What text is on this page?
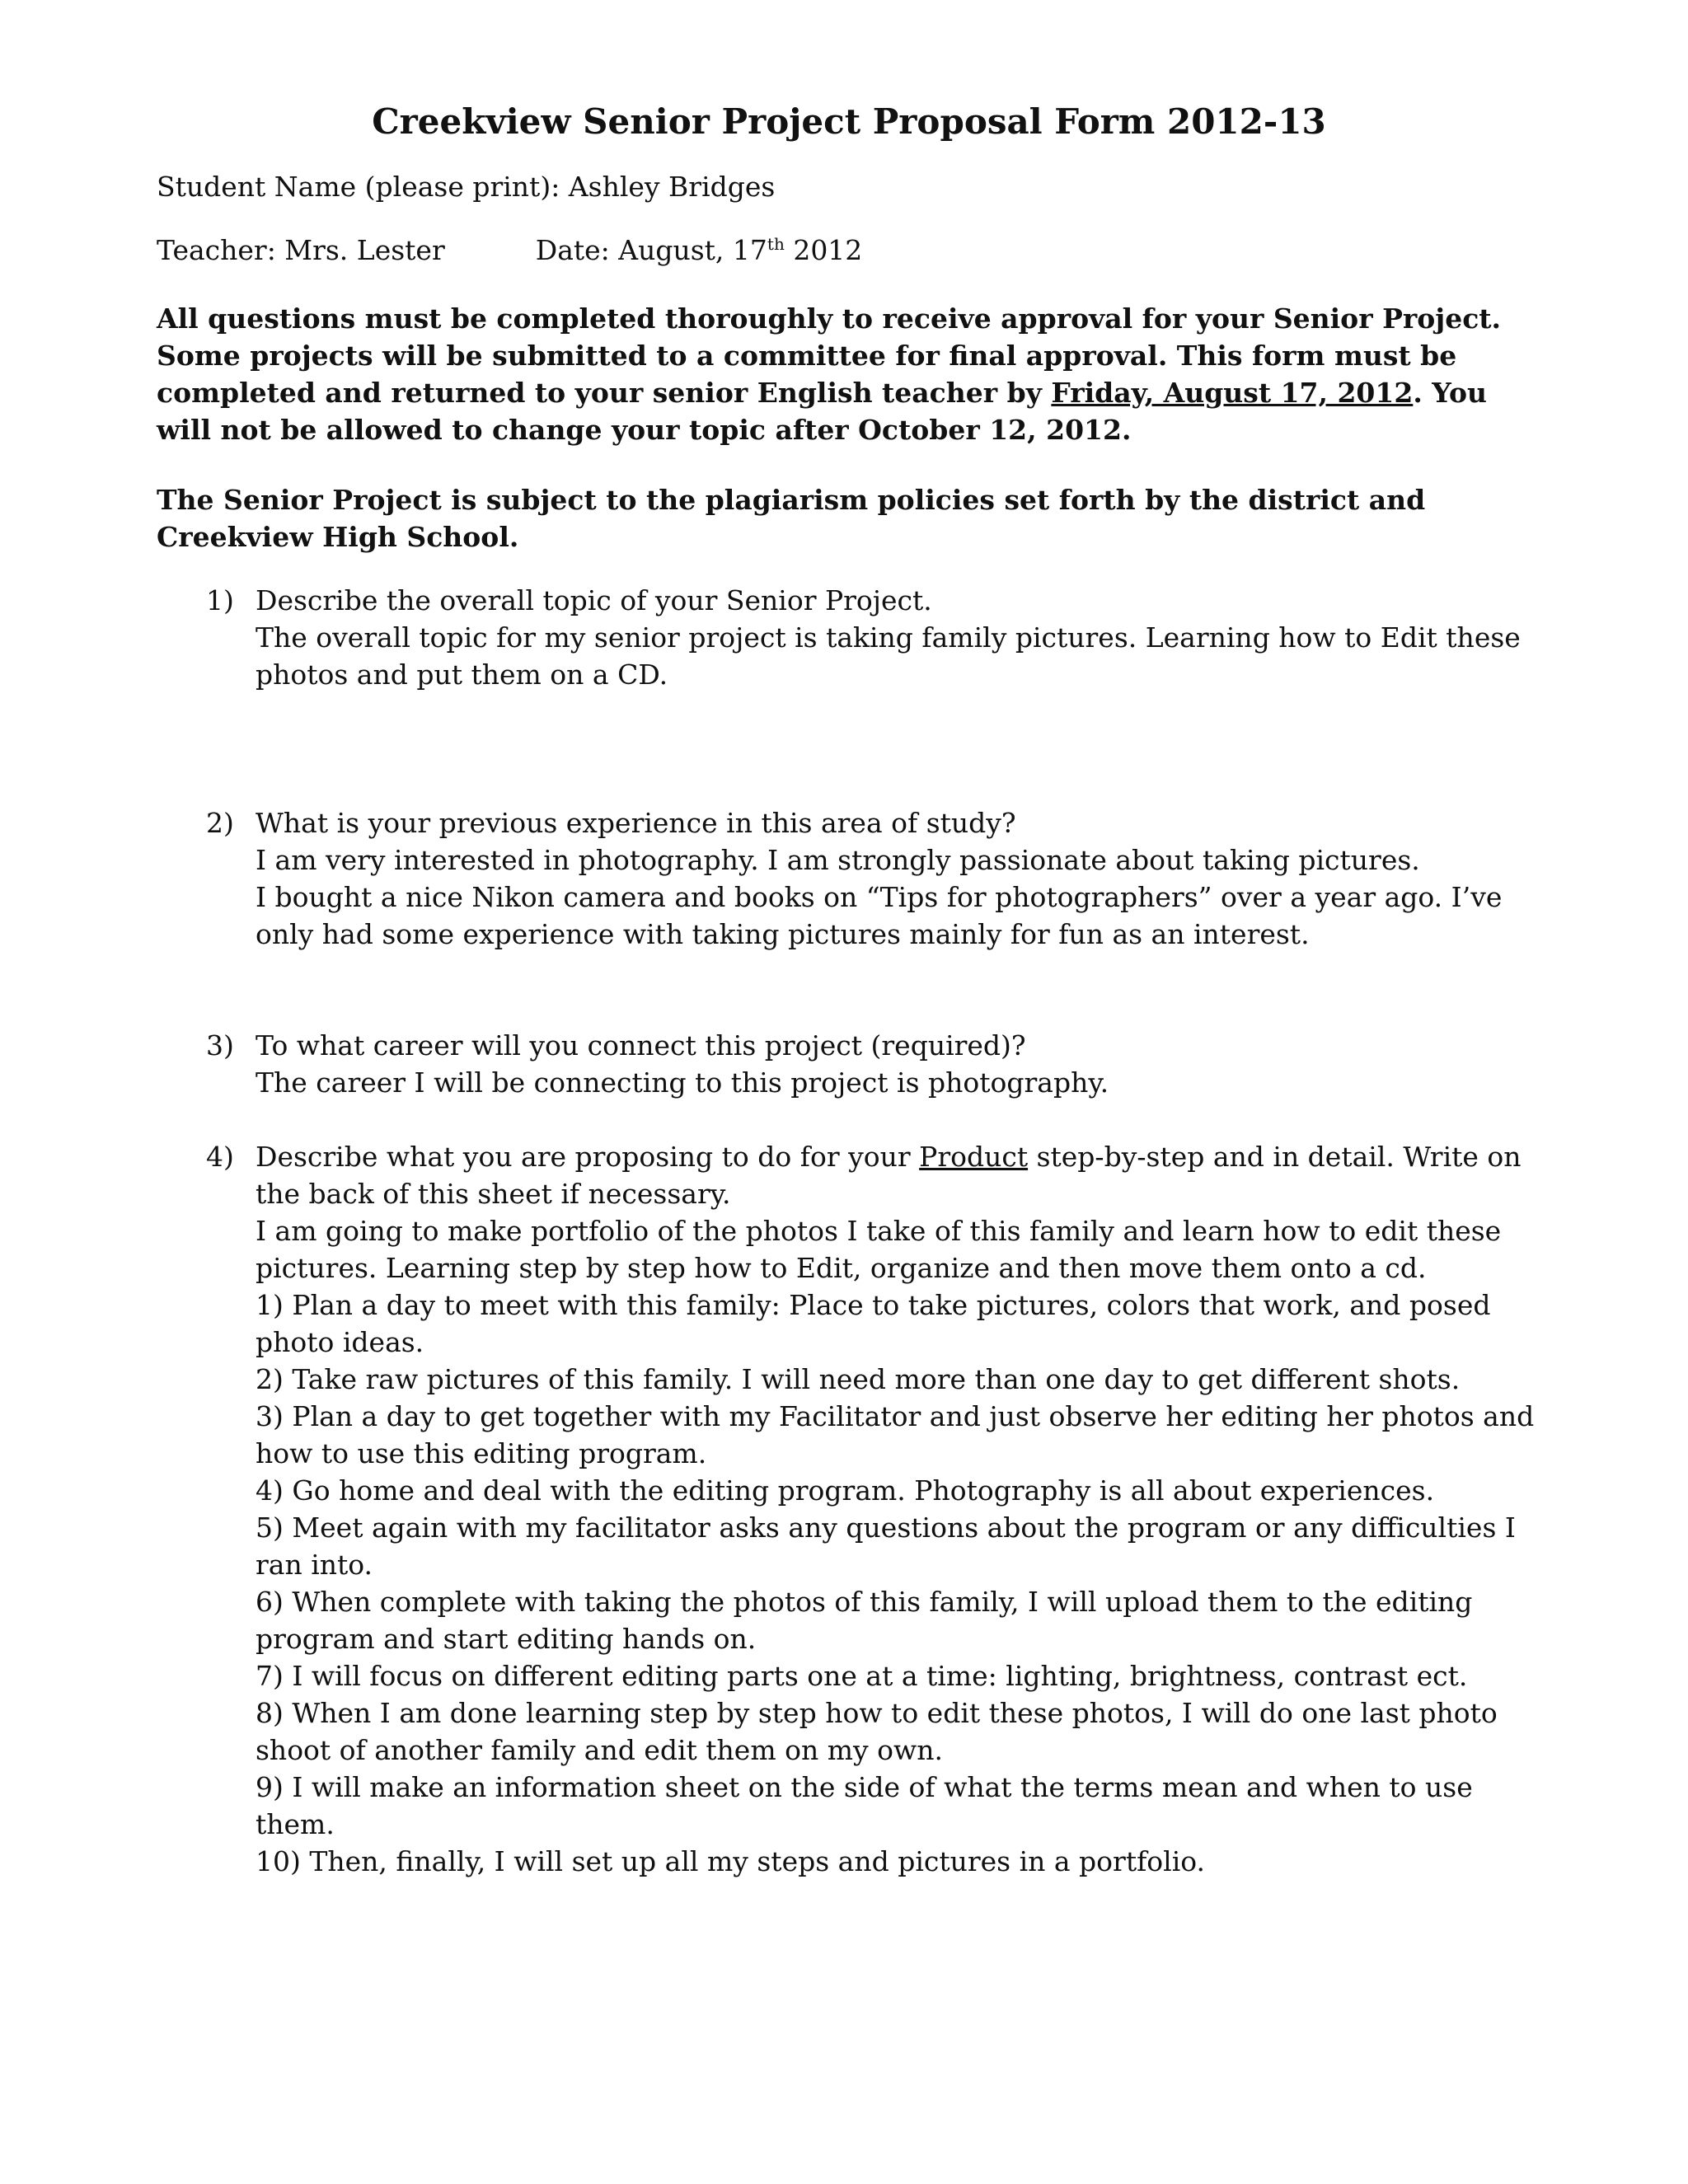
Creekview Senior Project Proposal Form 2012-13

Student Name (please print): Ashley Bridges

Teacher: Mrs. Lester	Date: August, 17th 2012

All questions must be completed thoroughly to receive approval for your Senior Project. Some projects will be submitted to a committee for final approval. This form must be completed and returned to your senior English teacher by Friday, August 17, 2012. You will not be allowed to change your topic after October 12, 2012.

The Senior Project is subject to the plagiarism policies set forth by the district and Creekview High School.

1) Describe the overall topic of your Senior Project.
The overall topic for my senior project is taking family pictures. Learning how to Edit these photos and put them on a CD.
2) What is your previous experience in this area of study?
I am very interested in photography. I am strongly passionate about taking pictures.
I bought a nice Nikon camera and books on “Tips for photographers” over a year ago. I’ve only had some experience with taking pictures mainly for fun as an interest.
3) To what career will you connect this project (required)?
The career I will be connecting to this project is photography.
4) Describe what you are proposing to do for your Product step-by-step and in detail. Write on the back of this sheet if necessary.
I am going to make portfolio of the photos I take of this family and learn how to edit these pictures. Learning step by step how to Edit, organize and then move them onto a cd.
1) Plan a day to meet with this family: Place to take pictures, colors that work, and posed photo ideas.
2) Take raw pictures of this family. I will need more than one day to get different shots.
3) Plan a day to get together with my Facilitator and just observe her editing her photos and how to use this editing program.
4) Go home and deal with the editing program. Photography is all about experiences.
5) Meet again with my facilitator asks any questions about the program or any difficulties I ran into.
6) When complete with taking the photos of this family, I will upload them to the editing program and start editing hands on.
7) I will focus on different editing parts one at a time: lighting, brightness, contrast ect.
8) When I am done learning step by step how to edit these photos, I will do one last photo shoot of another family and edit them on my own.
9) I will make an information sheet on the side of what the terms mean and when to use them.
10) Then, finally, I will set up all my steps and pictures in a portfolio.
